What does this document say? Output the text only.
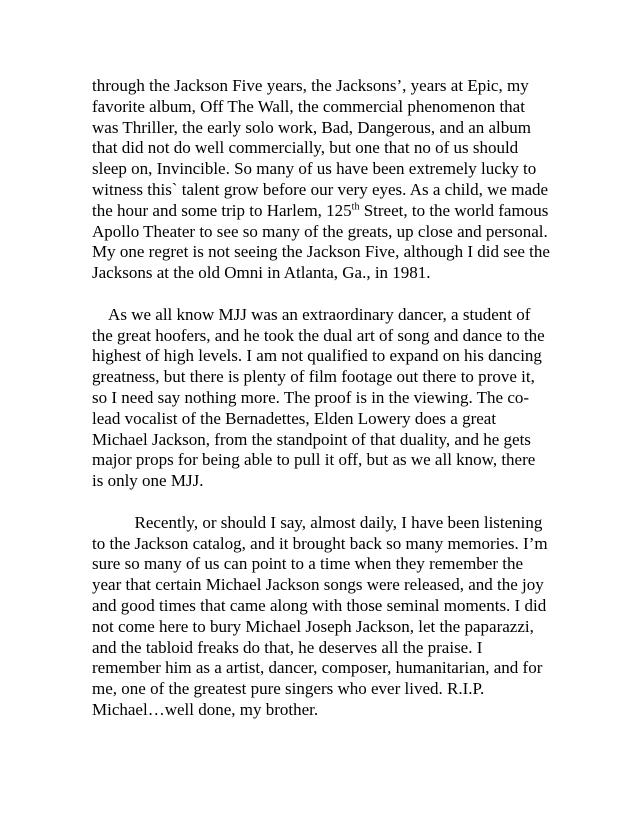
through the Jackson Five years, the Jacksons’, years at Epic, my
favorite album, Off The Wall, the commercial phenomenon that
was Thriller, the early solo work, Bad, Dangerous, and an album
that did not do well commercially, but one that no of us should
sleep on, Invincible. So many of us have been extremely lucky to
witness this` talent grow before our very eyes. As a child, we made
the hour and some trip to Harlem, 125th Street, to the world famous
Apollo Theater to see so many of the greats, up close and personal.
My one regret is not seeing the Jackson Five, although I did see the
Jacksons at the old Omni in Atlanta, Ga., in 1981.
As we all know MJJ was an extraordinary dancer, a student of
the great hoofers, and he took the dual art of song and dance to the
highest of high levels. I am not qualified to expand on his dancing
greatness, but there is plenty of film footage out there to prove it,
so I need say nothing more. The proof is in the viewing. The co-
lead vocalist of the Bernadettes, Elden Lowery does a great
Michael Jackson, from the standpoint of that duality, and he gets
major props for being able to pull it off, but as we all know, there
is only one MJJ.
Recently, or should I say, almost daily, I have been listening
to the Jackson catalog, and it brought back so many memories. I’m
sure so many of us can point to a time when they remember the
year that certain Michael Jackson songs were released, and the joy
and good times that came along with those seminal moments. I did
not come here to bury Michael Joseph Jackson, let the paparazzi,
and the tabloid freaks do that, he deserves all the praise. I
remember him as a artist, dancer, composer, humanitarian, and for
me, one of the greatest pure singers who ever lived. R.I.P.
Michael…well done, my brother.
